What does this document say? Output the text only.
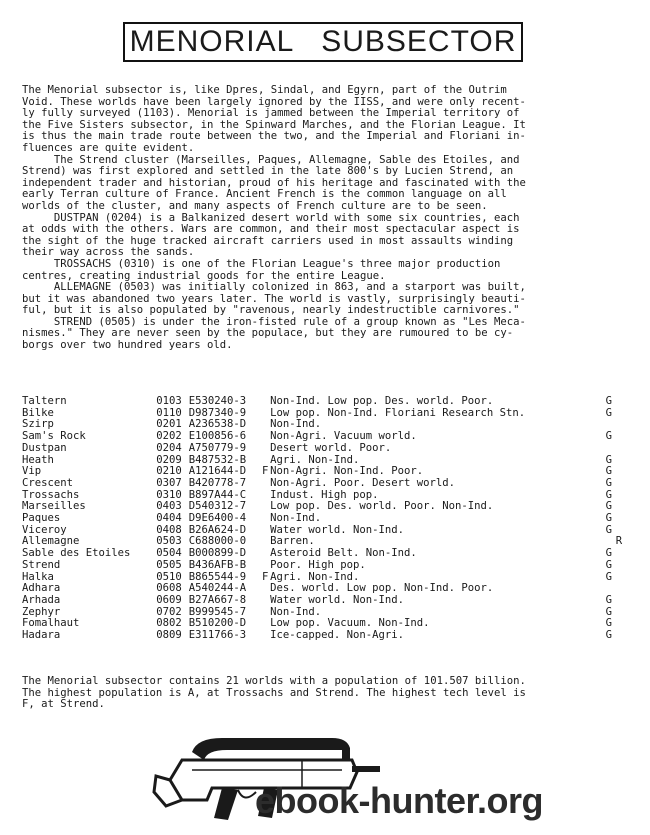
MENORIAL   SUBSECTOR
The Menorial subsector is, like Dpres, Sindal, and Egyrn, part of the Outrim
Void. These worlds have been largely ignored by the IISS, and were only recent-
ly fully surveyed (1103). Menorial is jammed between the Imperial territory of
the Five Sisters subsector, in the Spinward Marches, and the Florian League. It
is thus the main trade route between the two, and the Imperial and Floriani in-
fluences are quite evident.
The Strend cluster (Marseilles, Paques, Allemagne, Sable des Etoiles, and
Strend) was first explored and settled in the late 800's by Lucien Strend, an
independent trader and historian, proud of his heritage and fascinated with the
early Terran culture of France. Ancient French is the common language on all
worlds of the cluster, and many aspects of French culture are to be seen.
DUSTPAN (0204) is a Balkanized desert world with some six countries, each
at odds with the others. Wars are common, and their most spectacular aspect is
the sight of the huge tracked aircraft carriers used in most assaults winding
their way across the sands.
TROSSACHS (0310) is one of the Florian League's three major production
centres, creating industrial goods for the entire League.
ALLEMAGNE (0503) was initially colonized in 863, and a starport was built,
but it was abandoned two years later. The world is vastly, surprisingly beauti-
ful, but it is also populated by "ravenous, nearly indestructible carnivores."
STREND (0505) is under the iron-fisted rule of a group known as "Les Meca-
nismes." They are never seen by the populace, but they are rumoured to be cy-
borgs over two hundred years old.
Taltern	0103	E530240-3		Non-Ind. Low pop. Des. world. Poor.	G	
Bilke	0110	D987340-9		Low pop. Non-Ind. Floriani Research Stn.	G	
Szirp	0201	A236538-D		Non-Ind.		
Sam's Rock	0202	E100856-6		Non-Agri. Vacuum world.	G	
Dustpan	0204	A750779-9		Desert world. Poor.		
Heath	0209	B487532-B		Agri. Non-Ind.	G	
Vip	0210	A121644-D	F	Non-Agri. Non-Ind. Poor.	G	
Crescent	0307	B420778-7		Non-Agri. Poor. Desert world.	G	
Trossachs	0310	B897A44-C		Indust. High pop.	G	
Marseilles	0403	D540312-7		Low pop. Des. world. Poor. Non-Ind.	G	
Paques	0404	D9E6400-4		Non-Ind.	G	
Viceroy	0408	B26A624-D		Water world. Non-Ind.	G	
Allemagne	0503	C688000-0		Barren.		R
Sable des Etoiles	0504	B000899-D		Asteroid Belt. Non-Ind.	G	
Strend	0505	B436AFB-B		Poor. High pop.	G	
Halka	0510	B865544-9	F	Agri. Non-Ind.	G	
Adhara	0608	A540244-A		Des. world. Low pop. Non-Ind. Poor.		
Arhada	0609	B27A667-8		Water world. Non-Ind.	G	
Zephyr	0702	B999545-7		Non-Ind.	G	
Fomalhaut	0802	B510200-D		Low pop. Vacuum. Non-Ind.	G	
Hadara	0809	E311766-3		Ice-capped. Non-Agri.	G	
The Menorial subsector contains 21 worlds with a population of 101.507 billion.
The highest population is A, at Trossachs and Strend. The highest tech level is
F, at Strend.
ebook-hunter.org
